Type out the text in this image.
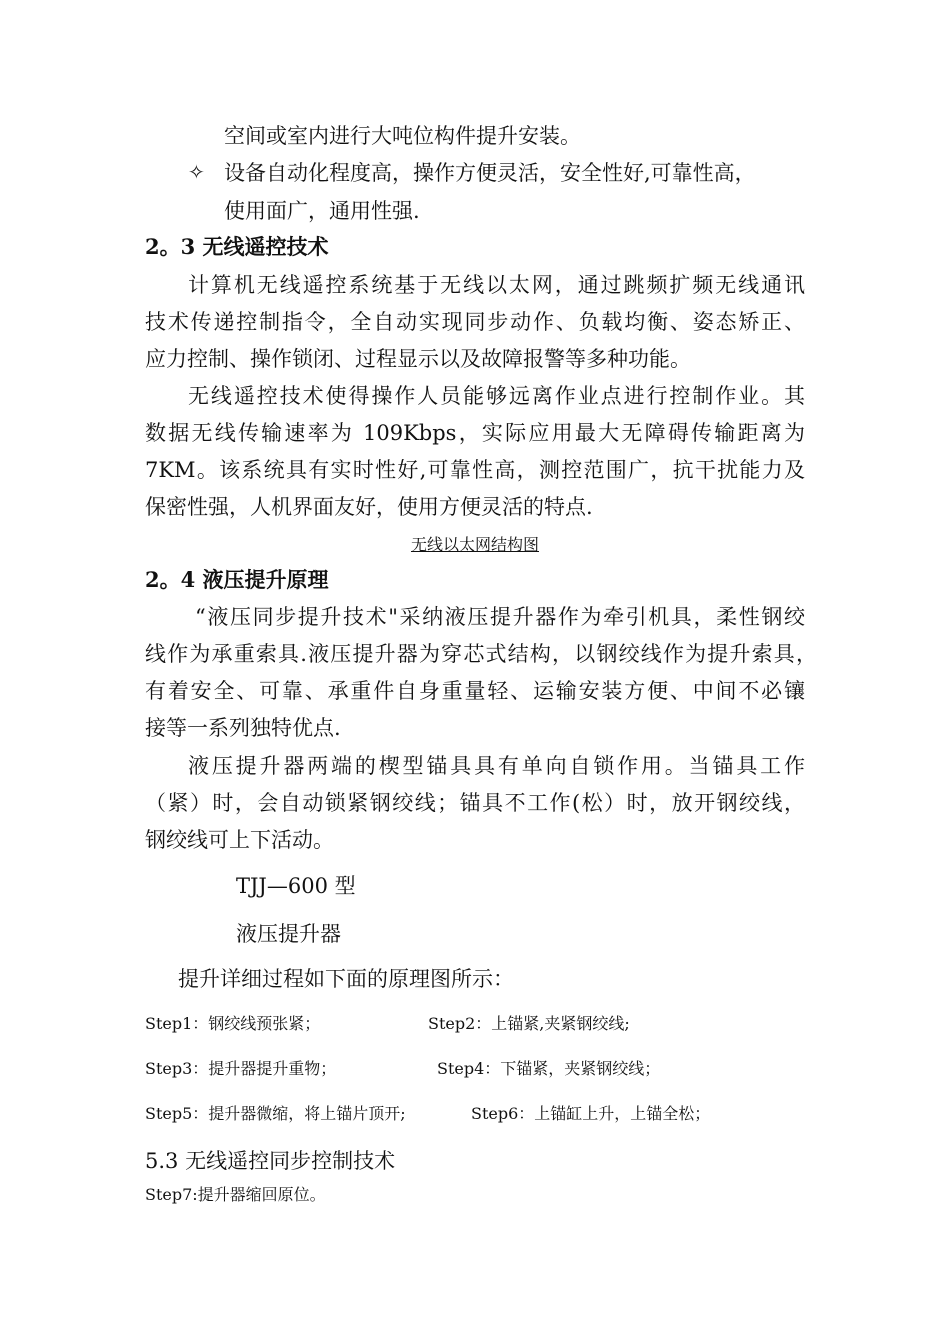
空间或室内进行大吨位构件提升安装。
✧ 设备自动化程度高，操作方便灵活，安全性好,可靠性高，
使用面广，通用性强.
2。3 无线遥控技术
计算机无线遥控系统基于无线以太网，通过跳频扩频无线通讯
技术传递控制指令，全自动实现同步动作、负载均衡、姿态矫正、
应力控制、操作锁闭、过程显示以及故障报警等多种功能。
无线遥控技术使得操作人员能够远离作业点进行控制作业。其
数据无线传输速率为 109Kbps，实际应用最大无障碍传输距离为
7KM。该系统具有实时性好,可靠性高，测控范围广，抗干扰能力及
保密性强，人机界面友好，使用方便灵活的特点.
无线以太网结构图
2。4 液压提升原理
“液压同步提升技术"采纳液压提升器作为牵引机具，柔性钢绞
线作为承重索具.液压提升器为穿芯式结构，以钢绞线作为提升索具，
有着安全、可靠、承重件自身重量轻、运输安装方便、中间不必镶
接等一系列独特优点.
液压提升器两端的楔型锚具具有单向自锁作用。当锚具工作
（紧）时，会自动锁紧钢绞线；锚具不工作(松）时，放开钢绞线，
钢绞线可上下活动。
TJJ—600 型
液压提升器
提升详细过程如下面的原理图所示：
Step1：钢绞线预张紧；	Step2：上锚紧,夹紧钢绞线;
Step3：提升器提升重物；	Step4：下锚紧，夹紧钢绞线；
Step5：提升器微缩，将上锚片顶开;	Step6：上锚缸上升，上锚全松；
5.3 无线遥控同步控制技术
Step7:提升器缩回原位。
